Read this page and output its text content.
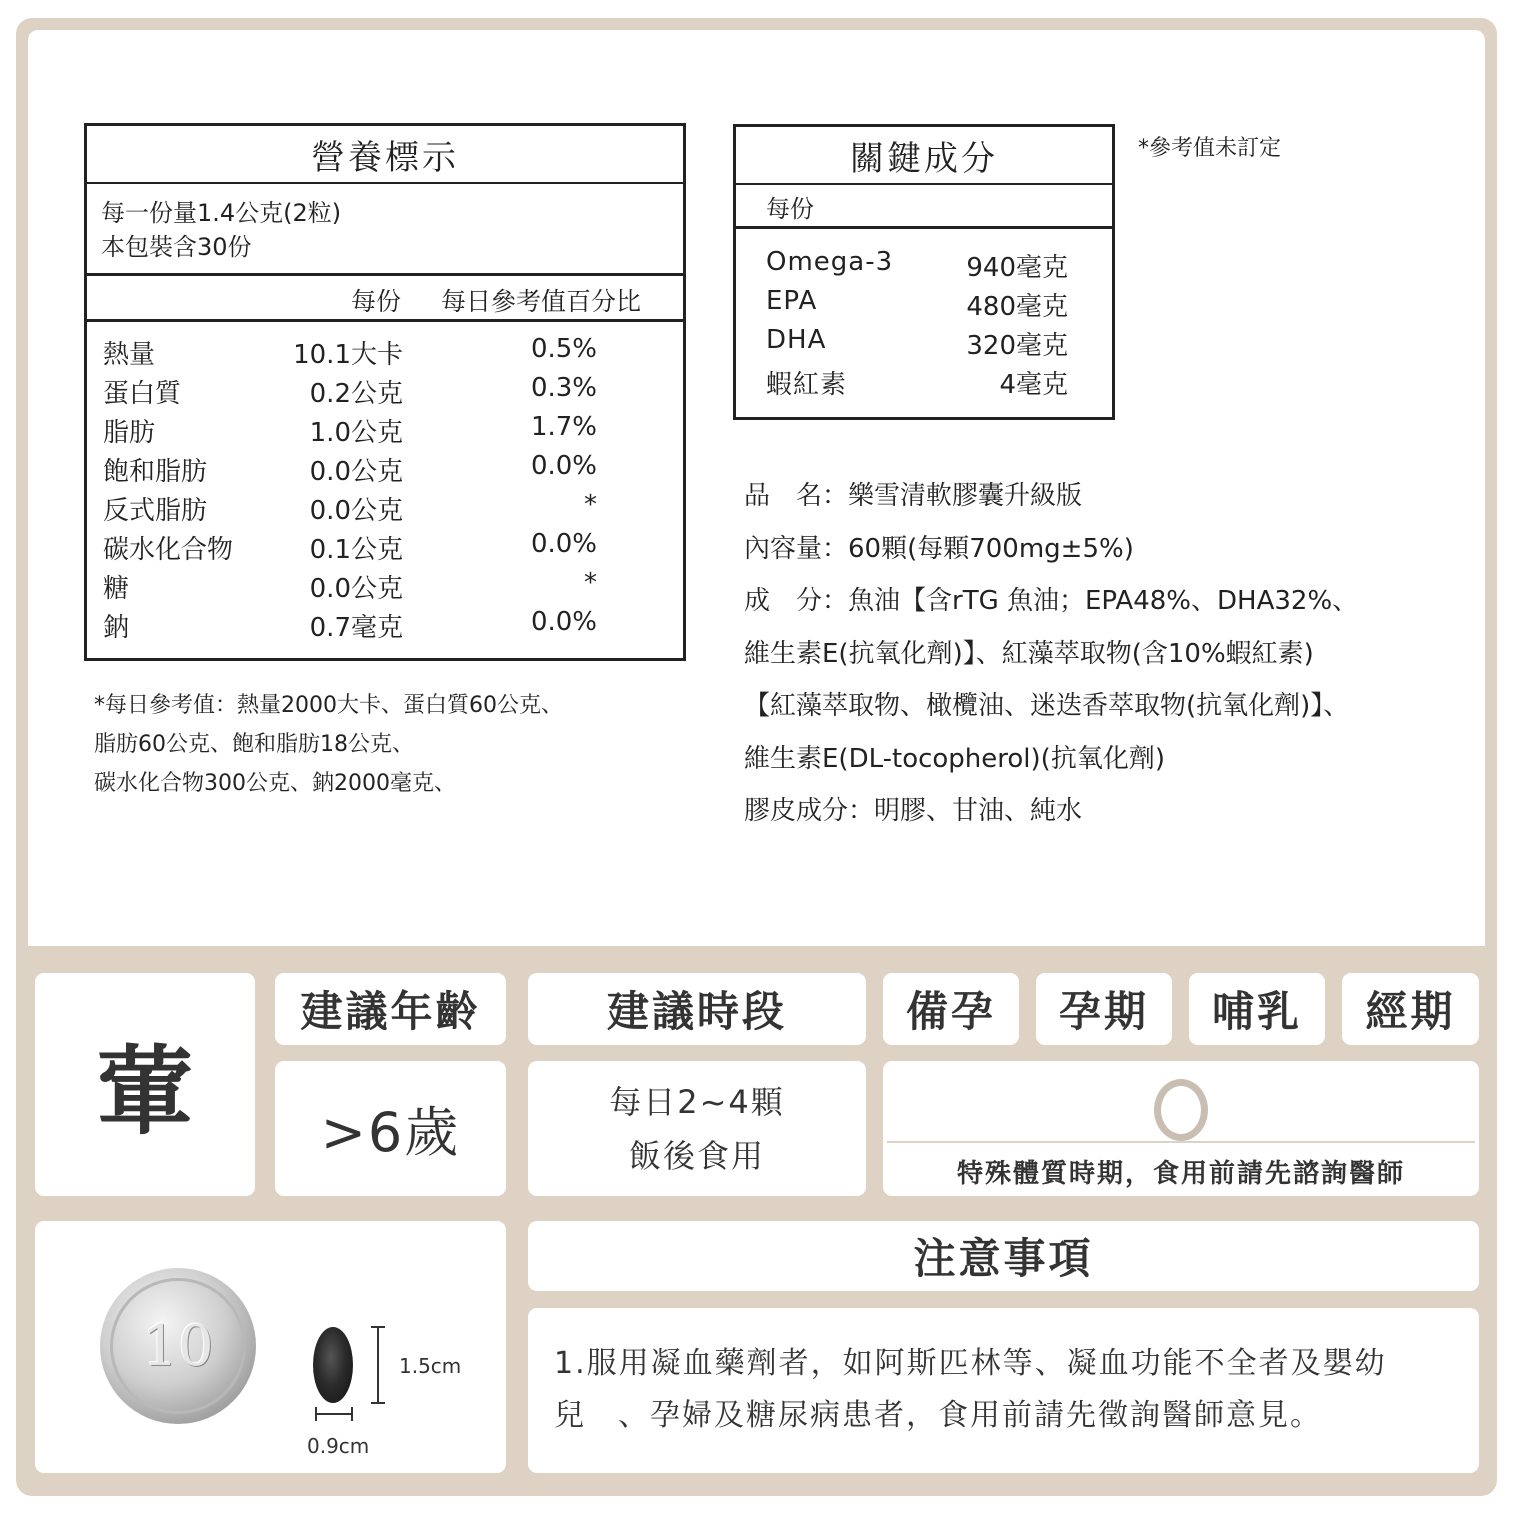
營養標示
每一份量1.4公克(2粒)
本包裝含30份
每份 每日參考值百分比
熱量	10.1大卡	0.5%
蛋白質	0.2公克	0.3%
脂肪	1.0公克	1.7%
飽和脂肪	0.0公克	0.0%
反式脂肪	0.0公克	*
碳水化合物	0.1公克	0.0%
糖	0.0公克	*
鈉	0.7毫克	0.0%
*每日參考值：熱量2000大卡、蛋白質60公克、
脂肪60公克、飽和脂肪18公克、
碳水化合物300公克、鈉2000毫克、
關鍵成分
每份
Omega-3	940毫克
EPA	480毫克
DHA	320毫克
蝦紅素	4毫克
*參考值未訂定
品　名：樂雪清軟膠囊升級版
內容量：60顆(每顆700mg±5%)
成　分：魚油【含rTG 魚油；EPA48%、DHA32%、
維生素E(抗氧化劑)】、紅藻萃取物(含10%蝦紅素)
【紅藻萃取物、橄欖油、迷迭香萃取物(抗氧化劑)】、
維生素E(DL-tocopherol)(抗氧化劑)
膠皮成分：明膠、甘油、純水
葷
建議年齡
>6歲
建議時段
每日2~4顆
飯後食用
備孕 孕期 哺乳 經期
特殊體質時期，食用前請先諮詢醫師
注意事項
1.服用凝血藥劑者，如阿斯匹林等、凝血功能不全者及嬰幼兒　、孕婦及糖尿病患者，食用前請先徵詢醫師意見。
10	1.5cm
0.9cm
